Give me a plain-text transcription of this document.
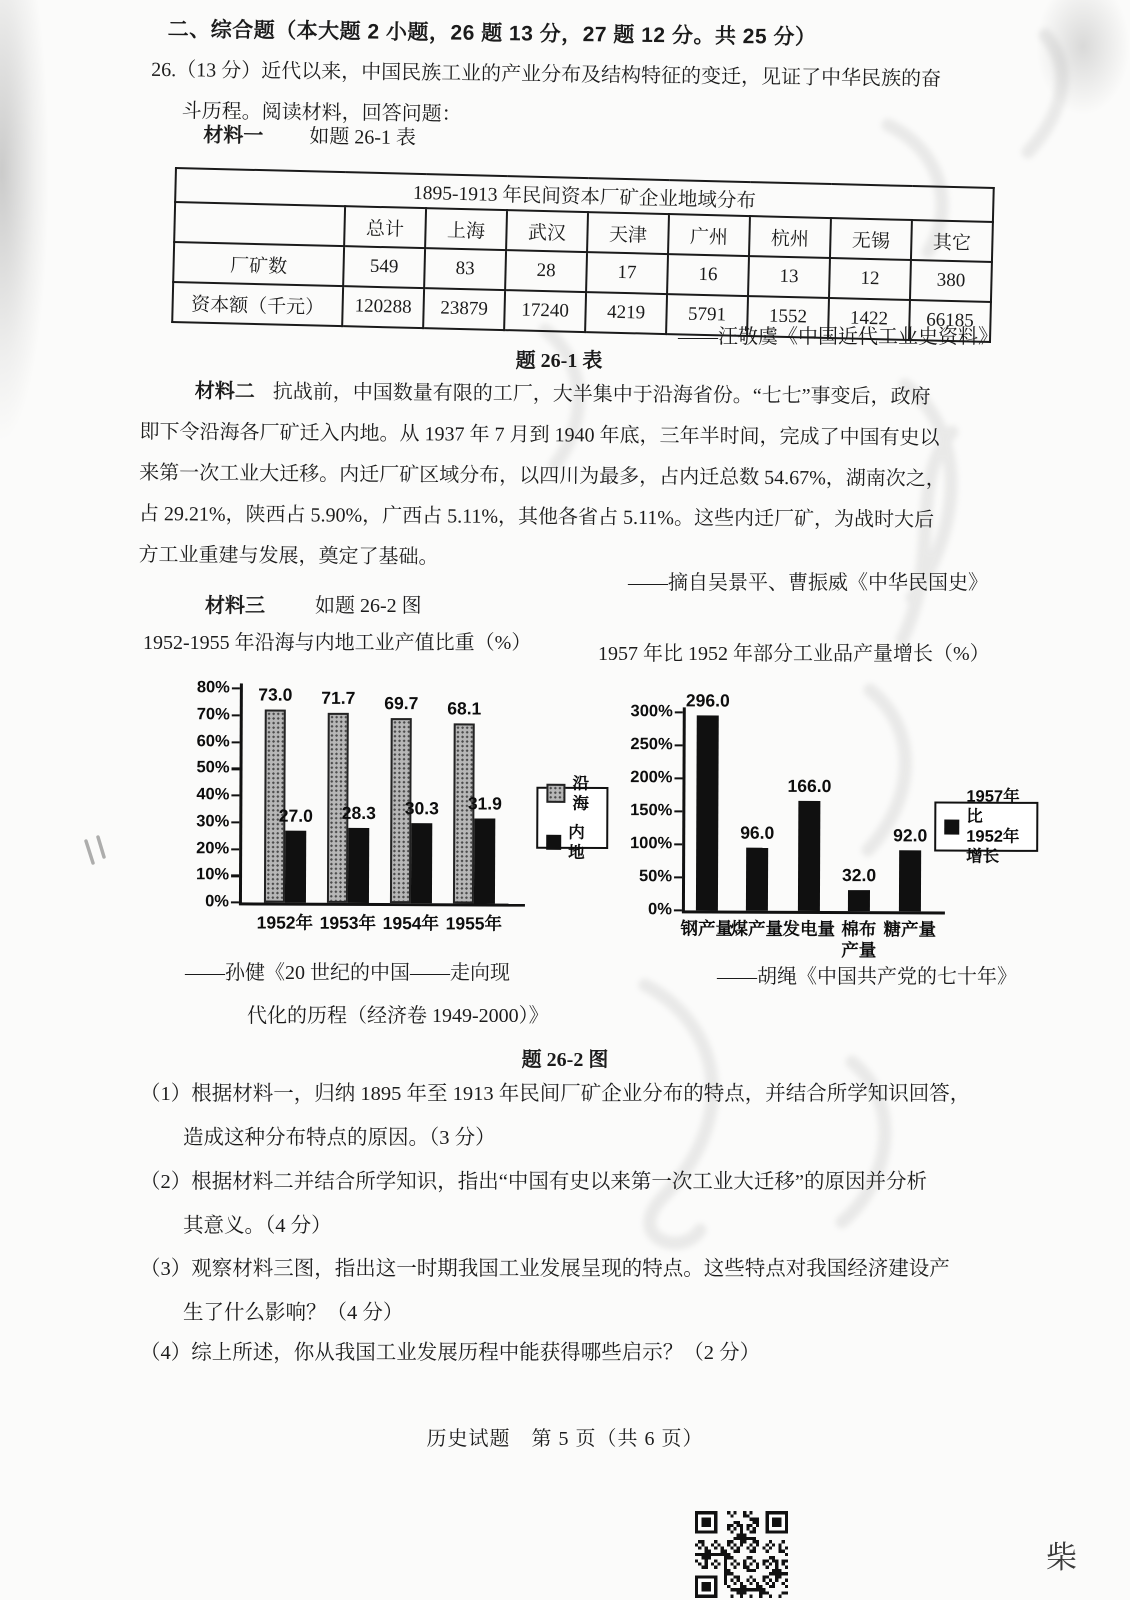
二、综合题（本大题 2 小题，26 题 13 分，27 题 12 分。共 25 分）
26.（13 分）近代以来，中国民族工业的产业分布及结构特征的变迁，见证了中华民族的奋
斗历程。阅读材料，回答问题：
材料一 如题 26-1 表
1895-1913 年民间资本厂矿企业地域分布								
	总计	上海	武汉	天津	广州	杭州	无锡	其它
厂矿数	549	83	28	17	16	13	12	380
资本额（千元）	120288	23879	17240	4219	5791	1552	1422	66185
——汪敬虞《中国近代工业史资料》
题 26-1 表
材料二 抗战前，中国数量有限的工厂，大半集中于沿海省份。“七七”事变后，政府
即下令沿海各厂矿迁入内地。从 1937 年 7 月到 1940 年底，三年半时间，完成了中国有史以
来第一次工业大迁移。内迁厂矿区域分布，以四川为最多，占内迁总数 54.67%，湖南次之，
占 29.21%，陕西占 5.90%，广西占 5.11%，其他各省占 5.11%。这些内迁厂矿，为战时大后
方工业重建与发展，奠定了基础。
——摘自吴景平、曹振威《中华民国史》
材料三	如题 26-2 图
1952-1955 年沿海与内地工业产值比重（%）	1957 年比 1952 年部分工业品产量增长（%）
80%
70%
60%
50%
40%
30%
20%
10%
0%
73.0	71.7	69.7	68.1
27.0	28.3	30.3	31.9
1952年 1953年 1954年 1955年
沿海
内地
300%
250%
200%
150%
100%
50%
0%
296.0
96.0
166.0
32.0
92.0
钢产量
煤产量 发电量 棉布
产量
糖产量
1957年比
1952年增长
——孙健《20 世纪的中国——走向现
代化的历程（经济卷 1949-2000）》
——胡绳《中国共产党的七十年》
题 26-2 图
（1）根据材料一，归纳 1895 年至 1913 年民间厂矿企业分布的特点，并结合所学知识回答，
造成这种分布特点的原因。（3 分）
（2）根据材料二并结合所学知识，指出“中国有史以来第一次工业大迁移”的原因并分析
其意义。（4 分）
（3）观察材料三图，指出这一时期我国工业发展呈现的特点。这些特点对我国经济建设产
生了什么影响？（4 分）
（4）综上所述，你从我国工业发展历程中能获得哪些启示？（2 分）
历史试题　第 5 页（共 6 页）
柴
